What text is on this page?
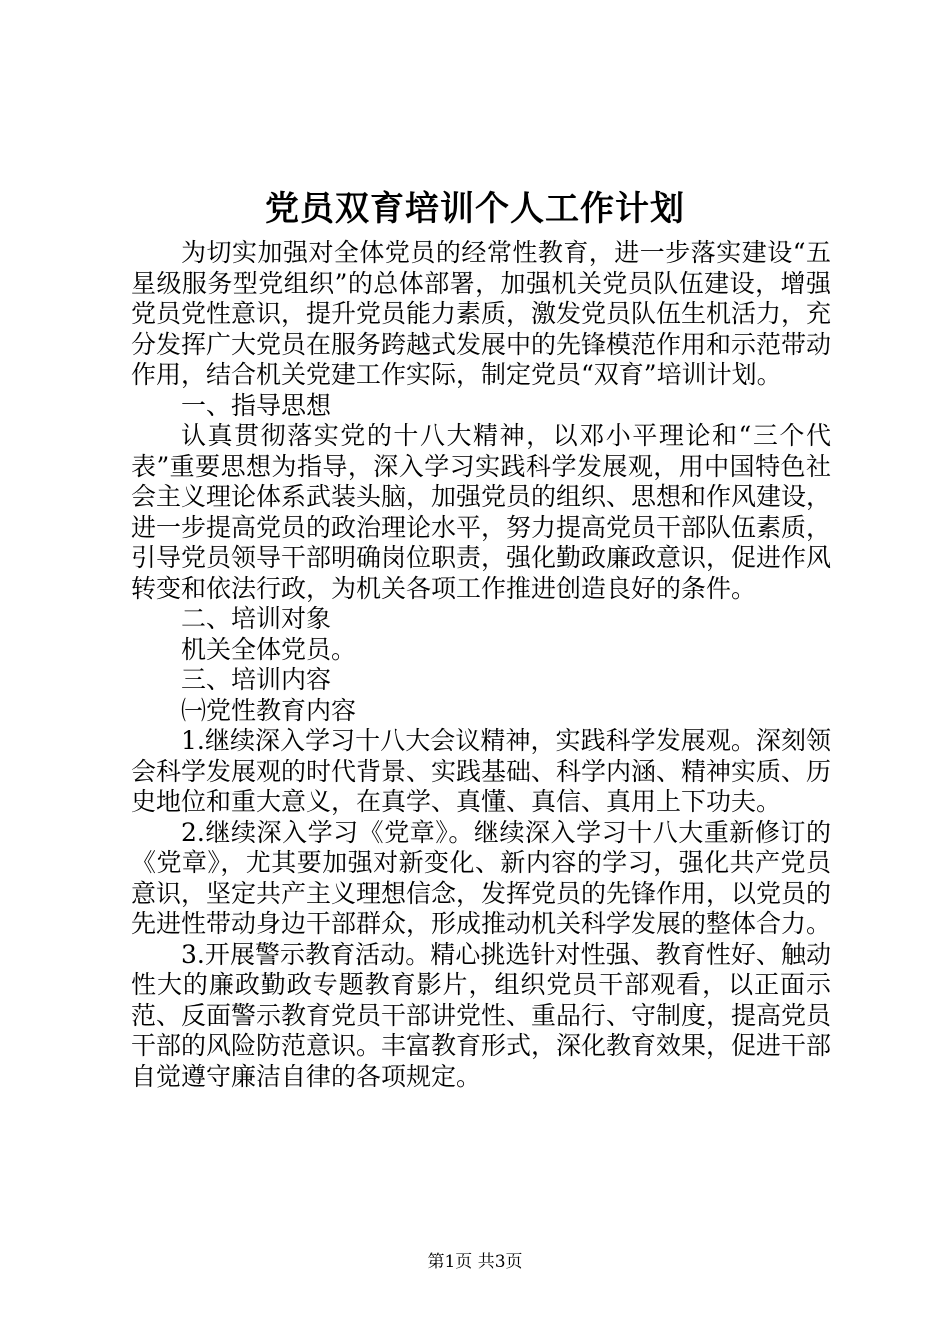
党员双育培训个人工作计划

为切实加强对全体党员的经常性教育，进一步落实建设“五星级服务型党组织”的总体部署，加强机关党员队伍建设，增强党员党性意识，提升党员能力素质，激发党员队伍生机活力，充分发挥广大党员在服务跨越式发展中的先锋模范作用和示范带动作用，结合机关党建工作实际，制定党员“双育”培训计划。

一、指导思想

认真贯彻落实党的十八大精神，以邓小平理论和“三个代表”重要思想为指导，深入学习实践科学发展观，用中国特色社会主义理论体系武装头脑，加强党员的组织、思想和作风建设，进一步提高党员的政治理论水平，努力提高党员干部队伍素质，引导党员领导干部明确岗位职责，强化勤政廉政意识，促进作风转变和依法行政，为机关各项工作推进创造良好的条件。

二、培训对象

机关全体党员。

三、培训内容

㈠党性教育内容

1.继续深入学习十八大会议精神，实践科学发展观。深刻领会科学发展观的时代背景、实践基础、科学内涵、精神实质、历史地位和重大意义，在真学、真懂、真信、真用上下功夫。

2.继续深入学习《党章》。继续深入学习十八大重新修订的《党章》，尤其要加强对新变化、新内容的学习，强化共产党员意识，坚定共产主义理想信念，发挥党员的先锋作用，以党员的先进性带动身边干部群众，形成推动机关科学发展的整体合力。

3.开展警示教育活动。精心挑选针对性强、教育性好、触动性大的廉政勤政专题教育影片，组织党员干部观看，以正面示范、反面警示教育党员干部讲党性、重品行、守制度，提高党员干部的风险防范意识。丰富教育形式，深化教育效果，促进干部自觉遵守廉洁自律的各项规定。

第1页 共3页
